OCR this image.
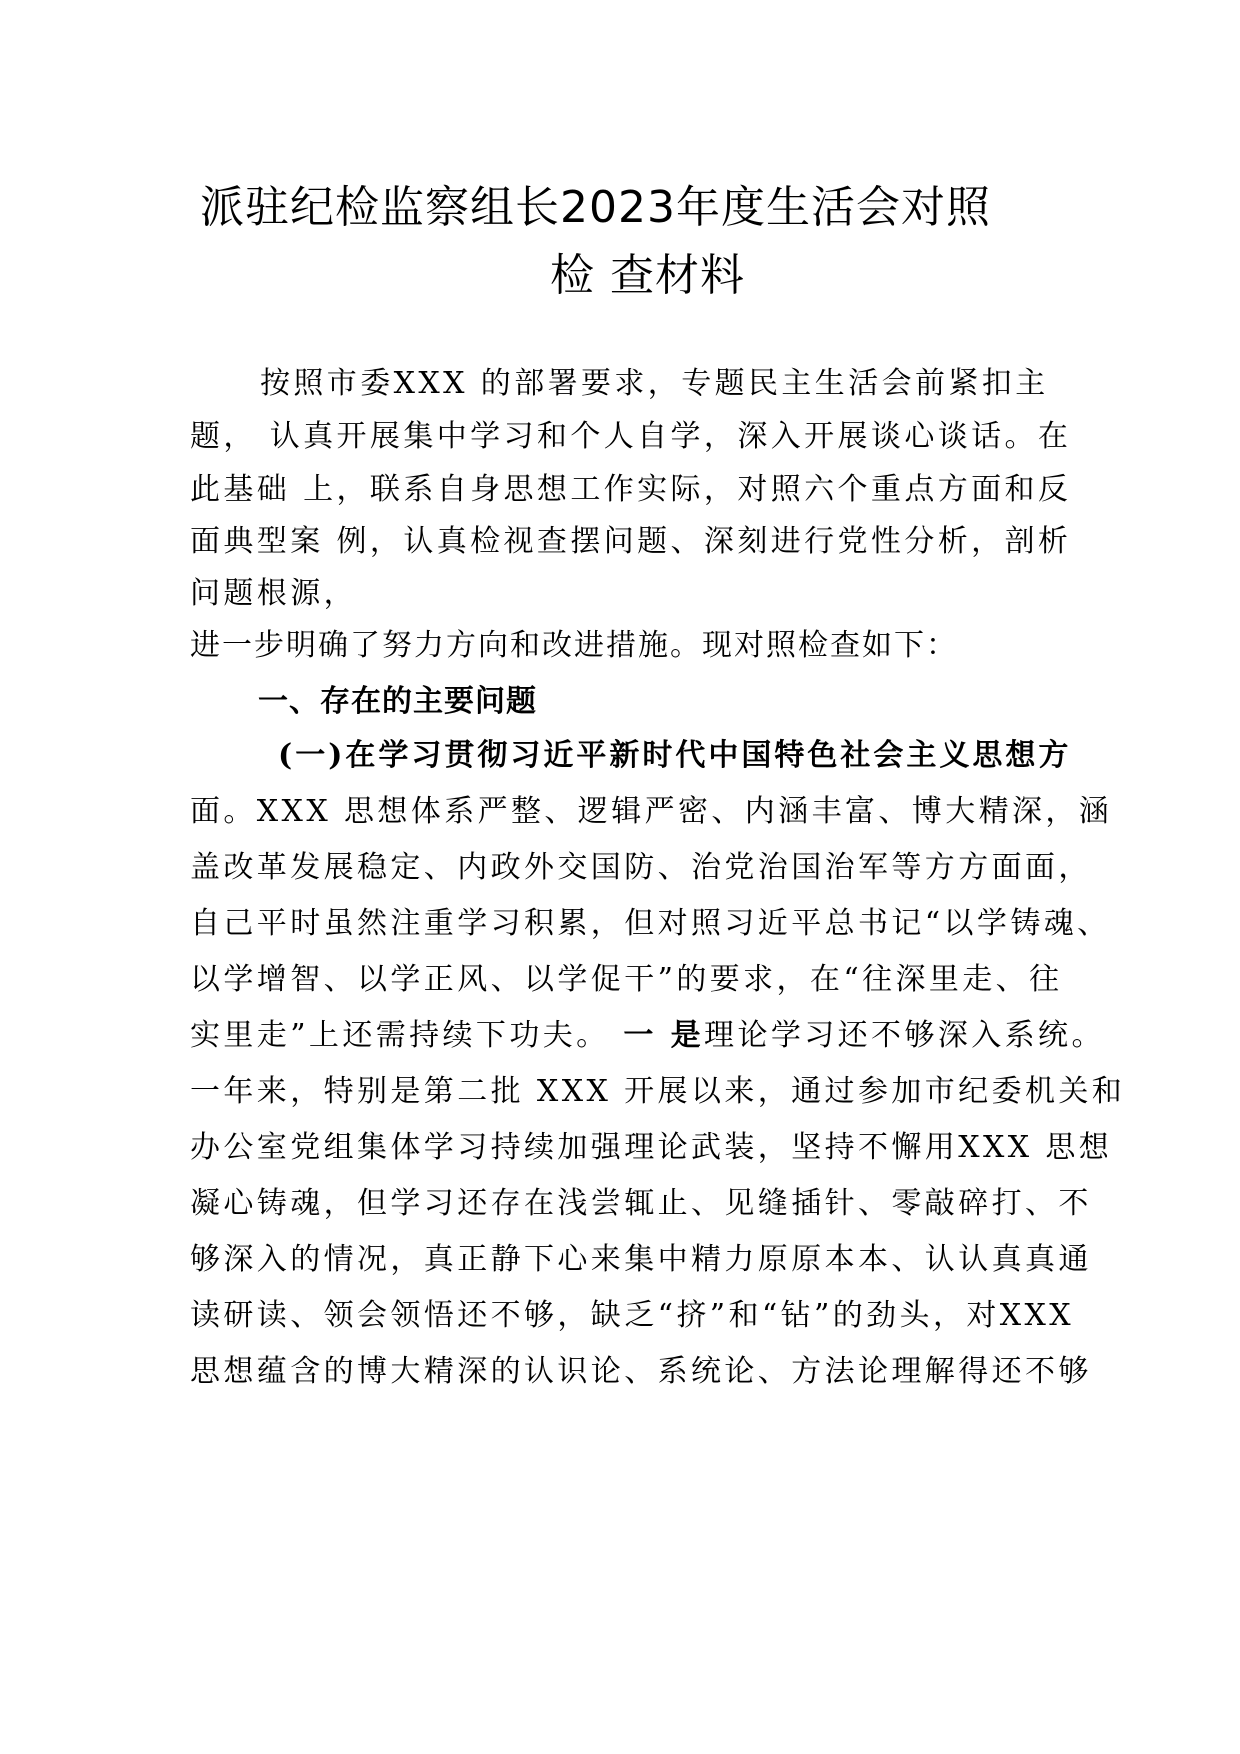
派驻纪检监察组长2023年度生活会对照
检 查材料
按照市委XXX 的部署要求，专题民主生活会前紧扣主
题， 认真开展集中学习和个人自学，深入开展谈心谈话。在
此基础 上，联系自身思想工作实际，对照六个重点方面和反
面典型案 例，认真检视查摆问题、深刻进行党性分析，剖析
问题根源，
进一步明确了努力方向和改进措施。现对照检查如下：
一、存在的主要问题
(一)在学习贯彻习近平新时代中国特色社会主义思想方
面。XXX 思想体系严整、逻辑严密、内涵丰富、博大精深，涵
盖改革发展稳定、内政外交国防、治党治国治军等方方面面，
自己平时虽然注重学习积累，但对照习近平总书记“以学铸魂、
以学增智、以学正风、以学促干”的要求，在“往深里走、往
实里走”上还需持续下功夫。 一 是理论学习还不够深入系统。
一年来，特别是第二批 XXX 开展以来，通过参加市纪委机关和
办公室党组集体学习持续加强理论武装，坚持不懈用XXX 思想
凝心铸魂，但学习还存在浅尝辄止、见缝插针、零敲碎打、不
够深入的情况，真正静下心来集中精力原原本本、认认真真通
读研读、领会领悟还不够，缺乏“挤”和“钻”的劲头，对XXX
思想蕴含的博大精深的认识论、系统论、方法论理解得还不够
